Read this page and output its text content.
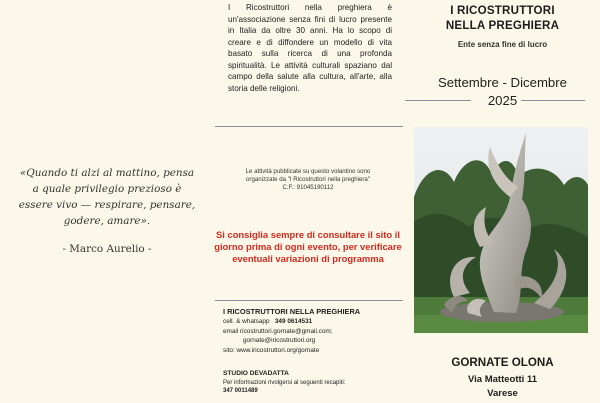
«Quando ti alzi al mattino, pensa a quale privilegio prezioso è essere vivo — respirare, pensare, godere, amare».
- Marco Aurelio -
I Ricostruttori nella preghiera è un'associazione senza fini di lucro presente in Italia da oltre 30 anni. Ha lo scopo di creare e di diffondere un modello di vita basato sulla ricerca di una profonda spiritualità. Le attività culturali spaziano dal campo della salute alla cultura, all'arte, alla storia delle religioni.
Le attività pubblicate su questo volantino sono
organizzate da "I Ricostruttori nella preghiera"
C.F.: 91045190112
Si consiglia sempre di consultare il sito il giorno prima di ogni evento, per verificare eventuali variazioni di programma
I RICOSTRUTTORI NELLA PREGHIERA
cell. & whatsapp 349 0614531
email ricostruttori.gornate@gmail.com;
gornate@iricostruttori.org
sito: www.iricostruttori.org/gornate
STUDIO DEVADATTA
Per informazioni rivolgersi al seguenti recapiti:
347 0011489
I RICOSTRUTTORI
NELLA PREGHIERA
Ente senza fine di lucro
Settembre - Dicembre
2025
GORNATE OLONA
Via Matteotti 11
Varese
